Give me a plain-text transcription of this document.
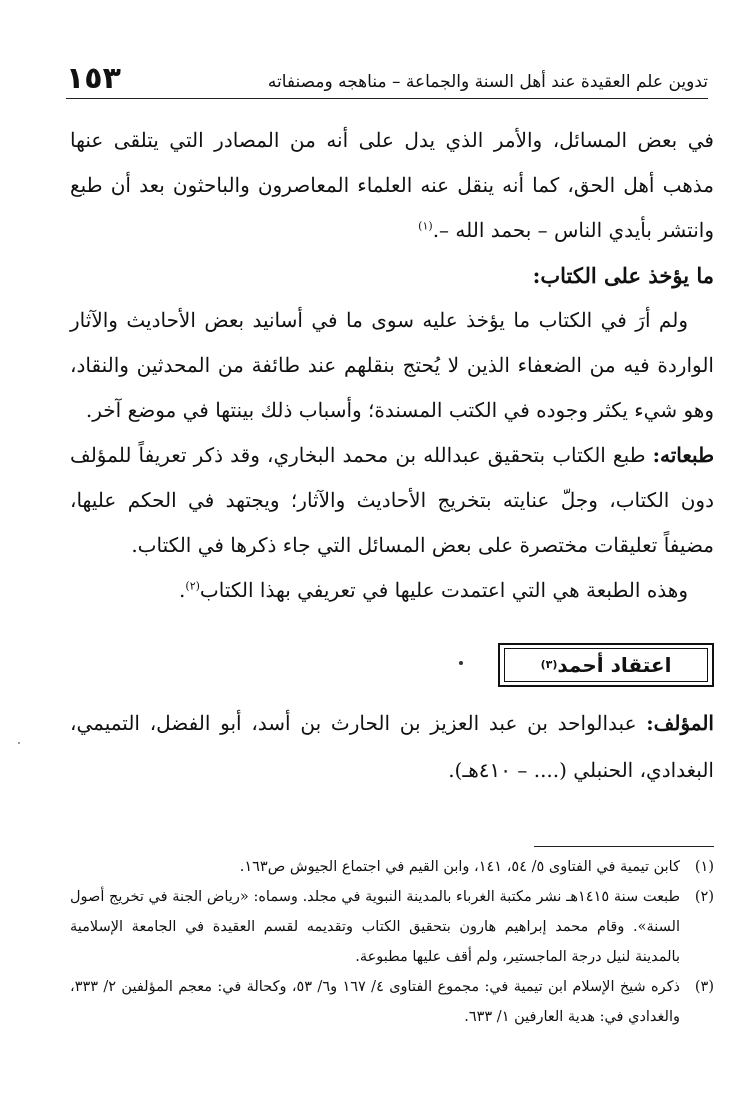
تدوين علم العقيدة عند أهل السنة والجماعة – مناهجه ومصنفاته
١٥٣

في بعض المسائل، والأمر الذي يدل على أنه من المصادر التي يتلقى عنها مذهب أهل الحق، كما أنه ينقل عنه العلماء المعاصرون والباحثون بعد أن طبع وانتشر بأيدي الناس – بحمد الله –.$^{(١)}$

ما يؤخذ على الكتاب:

ولم أرَ في الكتاب ما يؤخذ عليه سوى ما في أسانيد بعض الأحاديث والآثار الواردة فيه من الضعفاء الذين لا يُحتج بنقلهم عند طائفة من المحدثين والنقاد، وهو شيء يكثر وجوده في الكتب المسندة؛ وأسباب ذلك بينتها في موضع آخر.

طبعاته: طبع الكتاب بتحقيق عبدالله بن محمد البخاري، وقد ذكر تعريفاً للمؤلف دون الكتاب، وجلّ عنايته بتخريج الأحاديث والآثار؛ ويجتهد في الحكم عليها، مضيفاً تعليقات مختصرة على بعض المسائل التي جاء ذكرها في الكتاب.

وهذه الطبعة هي التي اعتمدت عليها في تعريفي بهذا الكتاب$^{(٢)}$.

اعتقاد أحمد
(٣)

المؤلف: عبدالواحد بن عبد العزيز بن الحارث بن أسد، أبو الفضل، التميمي، البغدادي، الحنبلي (.... – ٤١٠هـ).

(١)
كابن تيمية في الفتاوى ٥/ ٥٤، ١٤١، وابن القيم في اجتماع الجيوش ص١٦٣.

(٢)
طبعت سنة ١٤١٥هـ نشر مكتبة الغرباء بالمدينة النبوية في مجلد. وسماه: «رياض الجنة في تخريج أصول السنة». وقام محمد إبراهيم هارون بتحقيق الكتاب وتقديمه لقسم العقيدة في الجامعة الإسلامية بالمدينة لنيل درجة الماجستير، ولم أقف عليها مطبوعة.

(٣)
ذكره شيخ الإسلام ابن تيمية في: مجموع الفتاوى ٤/ ١٦٧ و٦/ ٥٣، وكحالة في: معجم المؤلفين ٢/ ٣٣٣، والغدادي في: هدية العارفين ١/ ٦٣٣.
